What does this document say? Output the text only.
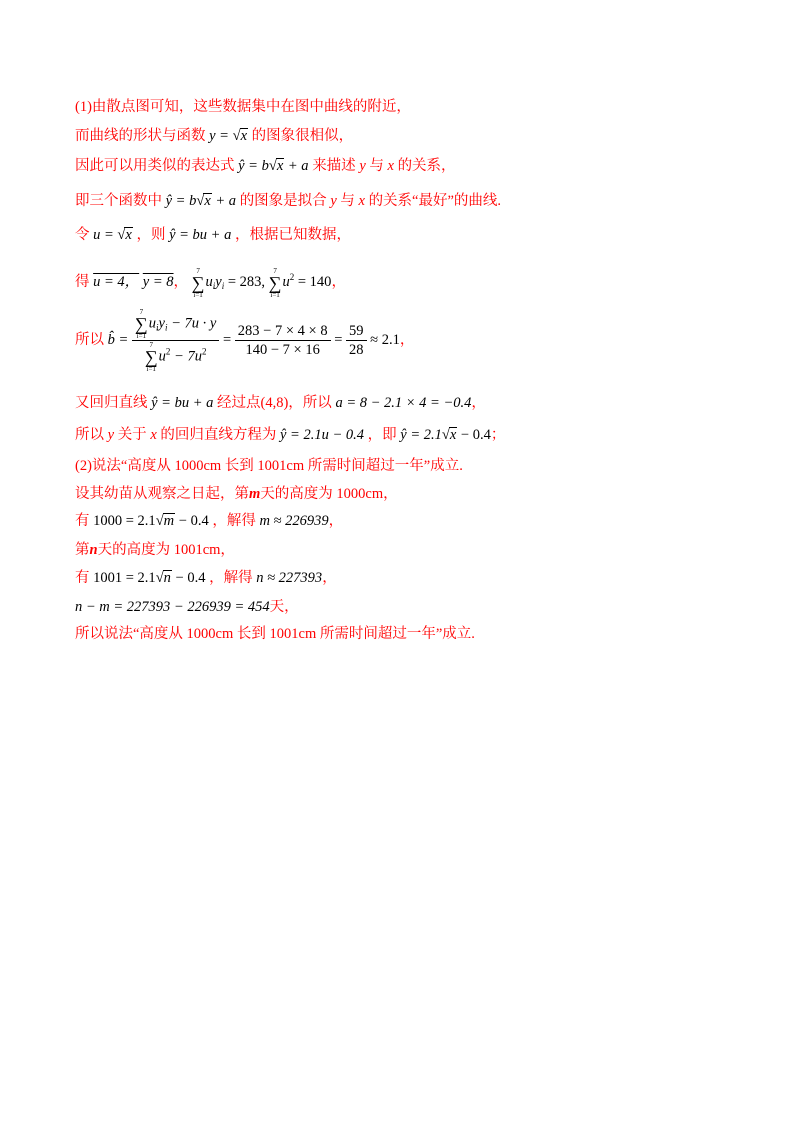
(1)由散点图可知，这些数据集中在图中曲线的附近，
而曲线的形状与函数 y = √x 的图象很相似，
因此可以用类似的表达式 ŷ = b√x + a 来描述 y 与 x 的关系，
即三个函数中 ŷ = b√x + a 的图象是拟合 y 与 x 的关系“最好”的曲线.
令 u = √x ，则 ŷ = bu + a ，根据已知数据，
得 u = 4， y = 8，
7
∑
i=1
$u_iy_i = 283$,
7
∑
i=1
$u^2 = 140$，
所以 b̂ = 7
∑
i=1
$u_iy_i - 7u \cdot y$
7
∑
i=1
$u^2 - 7u^2 = \frac{283 - 7 \times 4 \times 8}{140 - 7 \times 16} = \frac{59}{28} \approx 2.1$，
又回归直线 ŷ = bu + a 经过点(4,8)，所以 a = 8 − 2.1 × 4 = −0.4，
所以 y 关于 x 的回归直线方程为 ŷ = 2.1u − 0.4 ，即 ŷ = 2.1√x − 0.4；
(2)说法“高度从 1000cm 长到 1001cm 所需时间超过一年”成立.
设其幼苗从观察之日起，第m天的高度为 1000cm，
有 1000 = 2.1√m − 0.4 ，解得 m ≈ 226939，
第n天的高度为 1001cm，
有 1001 = 2.1√n − 0.4 ，解得 n ≈ 227393，
n − m = 227393 − 226939 = 454天，
所以说法“高度从 1000cm 长到 1001cm 所需时间超过一年”成立.
